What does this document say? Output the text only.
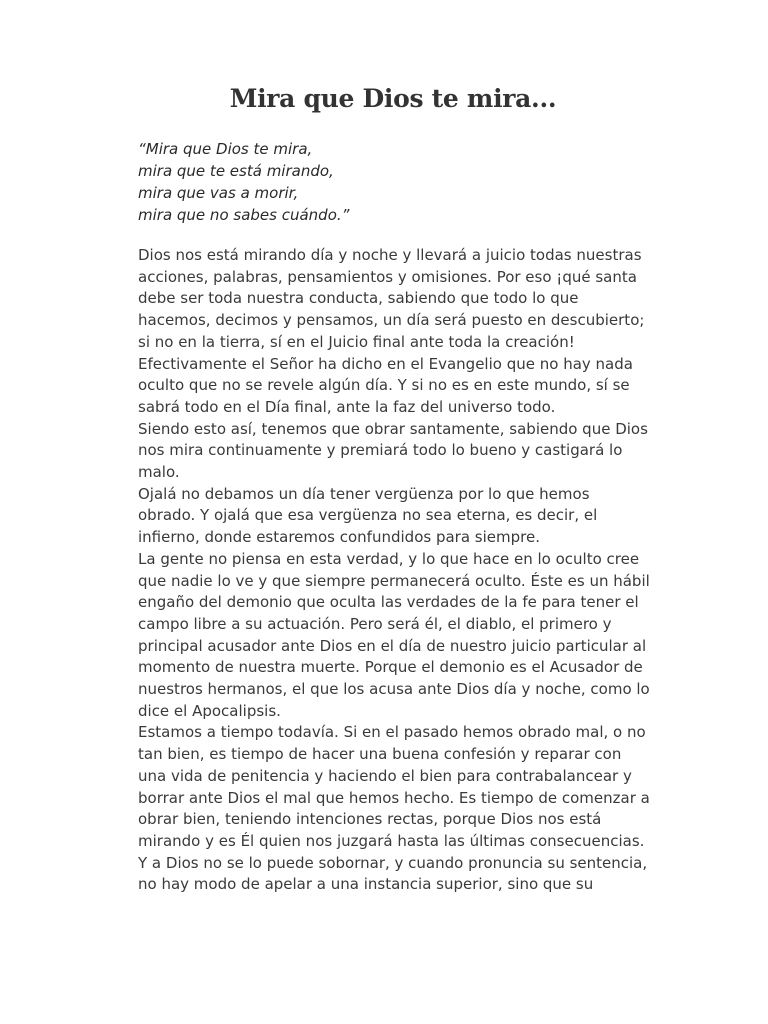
Mira que Dios te mira...
“Mira que Dios te mira,
mira que te está mirando,
mira que vas a morir,
mira que no sabes cuándo.”
Dios nos está mirando día y noche y llevará a juicio todas nuestras
acciones, palabras, pensamientos y omisiones. Por eso ¡qué santa
debe ser toda nuestra conducta, sabiendo que todo lo que
hacemos, decimos y pensamos, un día será puesto en descubierto;
si no en la tierra, sí en el Juicio final ante toda la creación!
Efectivamente el Señor ha dicho en el Evangelio que no hay nada
oculto que no se revele algún día. Y si no es en este mundo, sí se
sabrá todo en el Día final, ante la faz del universo todo.
Siendo esto así, tenemos que obrar santamente, sabiendo que Dios
nos mira continuamente y premiará todo lo bueno y castigará lo
malo.
Ojalá no debamos un día tener vergüenza por lo que hemos
obrado. Y ojalá que esa vergüenza no sea eterna, es decir, el
infierno, donde estaremos confundidos para siempre.
La gente no piensa en esta verdad, y lo que hace en lo oculto cree
que nadie lo ve y que siempre permanecerá oculto. Éste es un hábil
engaño del demonio que oculta las verdades de la fe para tener el
campo libre a su actuación. Pero será él, el diablo, el primero y
principal acusador ante Dios en el día de nuestro juicio particular al
momento de nuestra muerte. Porque el demonio es el Acusador de
nuestros hermanos, el que los acusa ante Dios día y noche, como lo
dice el Apocalipsis.
Estamos a tiempo todavía. Si en el pasado hemos obrado mal, o no
tan bien, es tiempo de hacer una buena confesión y reparar con
una vida de penitencia y haciendo el bien para contrabalancear y
borrar ante Dios el mal que hemos hecho. Es tiempo de comenzar a
obrar bien, teniendo intenciones rectas, porque Dios nos está
mirando y es Él quien nos juzgará hasta las últimas consecuencias.
Y a Dios no se lo puede sobornar, y cuando pronuncia su sentencia,
no hay modo de apelar a una instancia superior, sino que su
